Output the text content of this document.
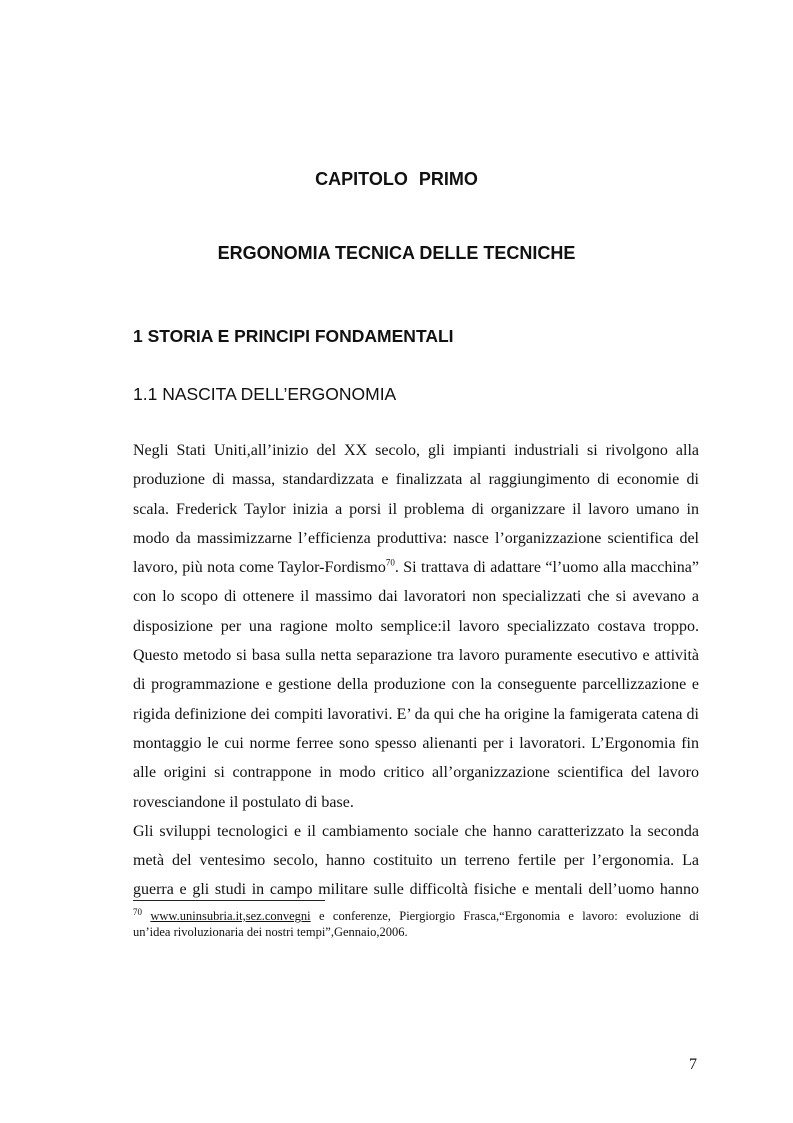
CAPITOLO PRIMO
ERGONOMIA TECNICA DELLE TECNICHE
1 STORIA E PRINCIPI FONDAMENTALI
1.1 NASCITA DELL’ERGONOMIA
Negli Stati Uniti,all’inizio del XX secolo, gli impianti industriali si rivolgono alla
produzione di massa, standardizzata e finalizzata al raggiungimento di economie di
scala. Frederick Taylor inizia a porsi il problema di organizzare il lavoro umano in
modo da massimizzarne l’efficienza produttiva: nasce l’organizzazione scientifica del
lavoro, più nota come Taylor-Fordismo$^{70}$. Si trattava di adattare “l’uomo alla macchina”
con lo scopo di ottenere il massimo dai lavoratori non specializzati che si avevano a
disposizione per una ragione molto semplice:il lavoro specializzato costava troppo.
Questo metodo si basa sulla netta separazione tra lavoro puramente esecutivo e attività
di programmazione e gestione della produzione con la conseguente parcellizzazione e
rigida definizione dei compiti lavorativi. E’ da qui che ha origine la famigerata catena di
montaggio le cui norme ferree sono spesso alienanti per i lavoratori. L’Ergonomia fin
alle origini si contrappone in modo critico all’organizzazione scientifica del lavoro
rovesciandone il postulato di base.
Gli sviluppi tecnologici e il cambiamento sociale che hanno caratterizzato la seconda
metà del ventesimo secolo, hanno costituito un terreno fertile per l’ergonomia. La
guerra e gli studi in campo militare sulle difficoltà fisiche e mentali dell’uomo hanno
$^{70}$ www.uninsubria.it,sez.convegni e conferenze, Piergiorgio Frasca,“Ergonomia e lavoro: evoluzione di
un’idea rivoluzionaria dei nostri tempi”,Gennaio,2006.
7
